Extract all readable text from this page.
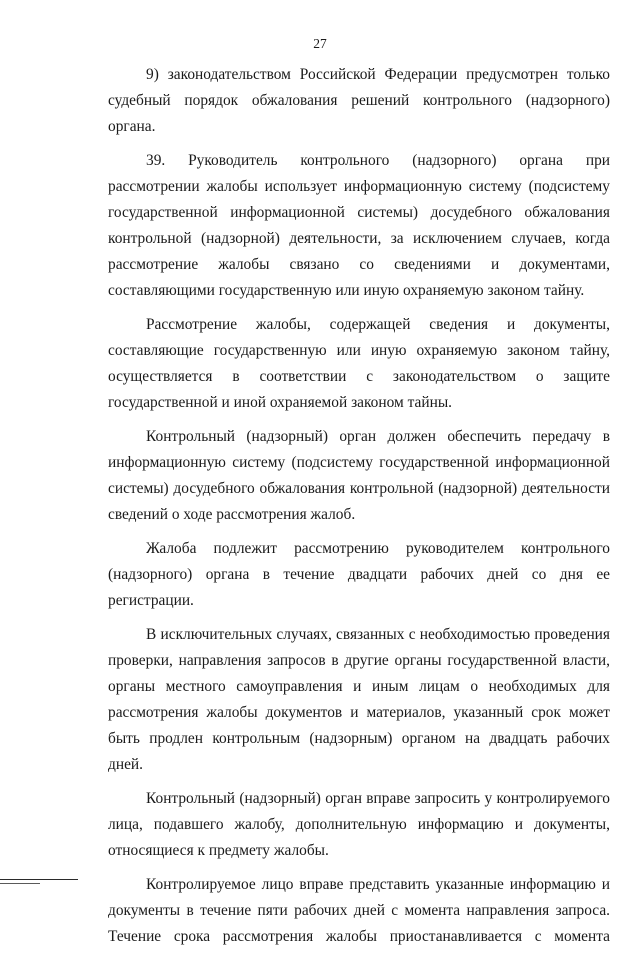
27

9) законодательством Российской Федерации предусмотрен только судебный порядок обжалования решений контрольного (надзорного) органа.

39. Руководитель контрольного (надзорного) органа при рассмотрении жалобы использует информационную систему (подсистему государственной информационной системы) досудебного обжалования контрольной (надзорной) деятельности, за исключением случаев, когда рассмотрение жалобы связано со сведениями и документами, составляющими государственную или иную охраняемую законом тайну.

Рассмотрение жалобы, содержащей сведения и документы, составляющие государственную или иную охраняемую законом тайну, осуществляется в соответствии с законодательством о защите государственной и иной охраняемой законом тайны.

Контрольный (надзорный) орган должен обеспечить передачу в информационную систему (подсистему государственной информационной системы) досудебного обжалования контрольной (надзорной) деятельности сведений о ходе рассмотрения жалоб.

Жалоба подлежит рассмотрению руководителем контрольного (надзорного) органа в течение двадцати рабочих дней со дня ее регистрации.

В исключительных случаях, связанных с необходимостью проведения проверки, направления запросов в другие органы государственной власти, органы местного самоуправления и иным лицам о необходимых для рассмотрения жалобы документов и материалов, указанный срок может быть продлен контрольным (надзорным) органом на двадцать рабочих дней.

Контрольный (надзорный) орган вправе запросить у контролируемого лица, подавшего жалобу, дополнительную информацию и документы, относящиеся к предмету жалобы.

Контролируемое лицо вправе представить указанные информацию и документы в течение пяти рабочих дней с момента направления запроса. Течение срока рассмотрения жалобы приостанавливается с момента
